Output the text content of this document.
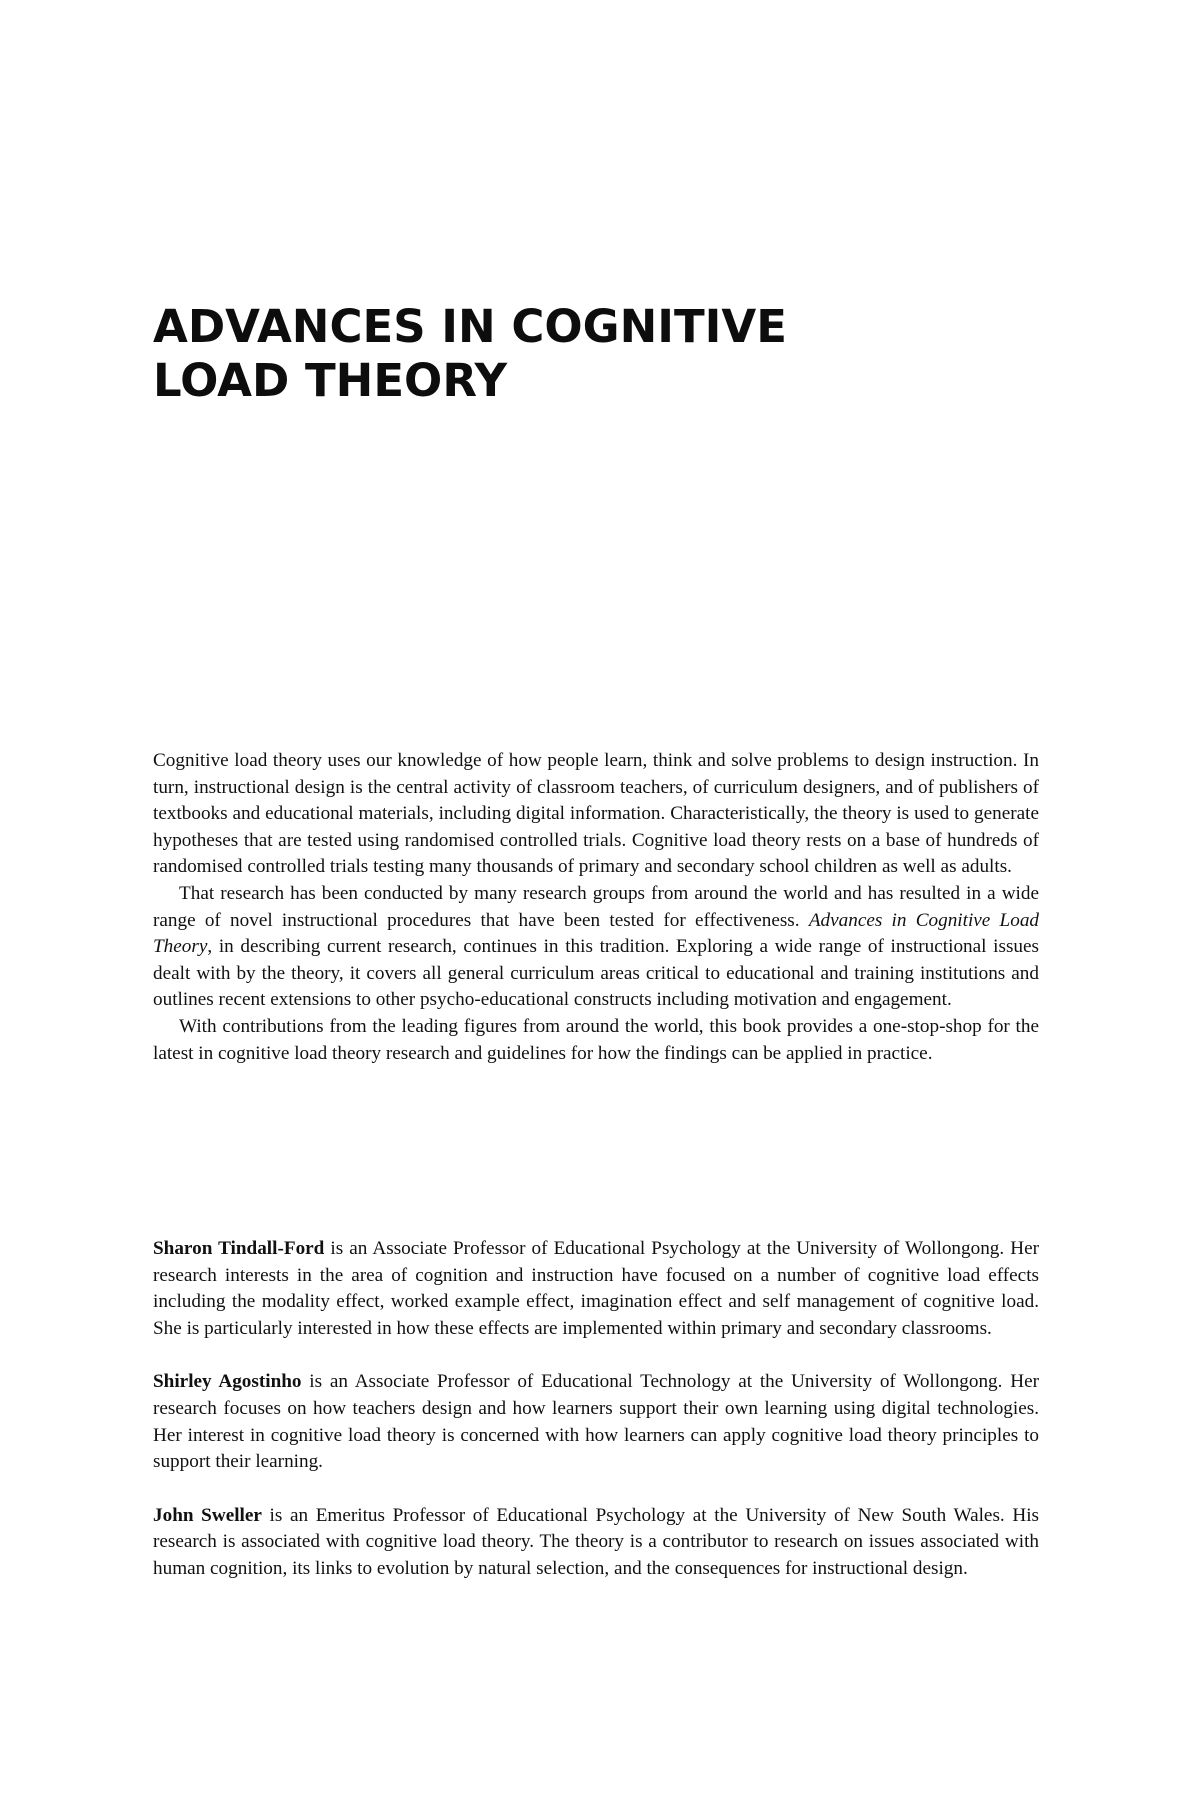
ADVANCES IN COGNITIVE
LOAD THEORY

Cognitive load theory uses our knowledge of how people learn, think and solve problems to design instruction. In turn, instructional design is the central activity of classroom teachers, of curriculum designers, and of publishers of textbooks and educational materials, including digital information. Characteristically, the theory is used to generate hypotheses that are tested using randomised controlled trials. Cognitive load theory rests on a base of hundreds of randomised controlled trials testing many thousands of primary and secondary school children as well as adults.

That research has been conducted by many research groups from around the world and has resulted in a wide range of novel instructional procedures that have been tested for effectiveness. Advances in Cognitive Load Theory, in describing current research, continues in this tradition. Exploring a wide range of instructional issues dealt with by the theory, it covers all general curriculum areas critical to educational and training institutions and outlines recent extensions to other psycho-educational constructs including motivation and engagement.

With contributions from the leading figures from around the world, this book provides a one-stop-shop for the latest in cognitive load theory research and guidelines for how the findings can be applied in practice.

Sharon Tindall-Ford is an Associate Professor of Educational Psychology at the University of Wollongong. Her research interests in the area of cognition and instruction have focused on a number of cognitive load effects including the modality effect, worked example effect, imagination effect and self management of cognitive load. She is particularly interested in how these effects are implemented within primary and secondary classrooms.

Shirley Agostinho is an Associate Professor of Educational Technology at the University of Wollongong. Her research focuses on how teachers design and how learners support their own learning using digital technologies. Her interest in cognitive load theory is concerned with how learners can apply cognitive load theory principles to support their learning.

John Sweller is an Emeritus Professor of Educational Psychology at the University of New South Wales. His research is associated with cognitive load theory. The theory is a contributor to research on issues associated with human cognition, its links to evolution by natural selection, and the consequences for instructional design.
